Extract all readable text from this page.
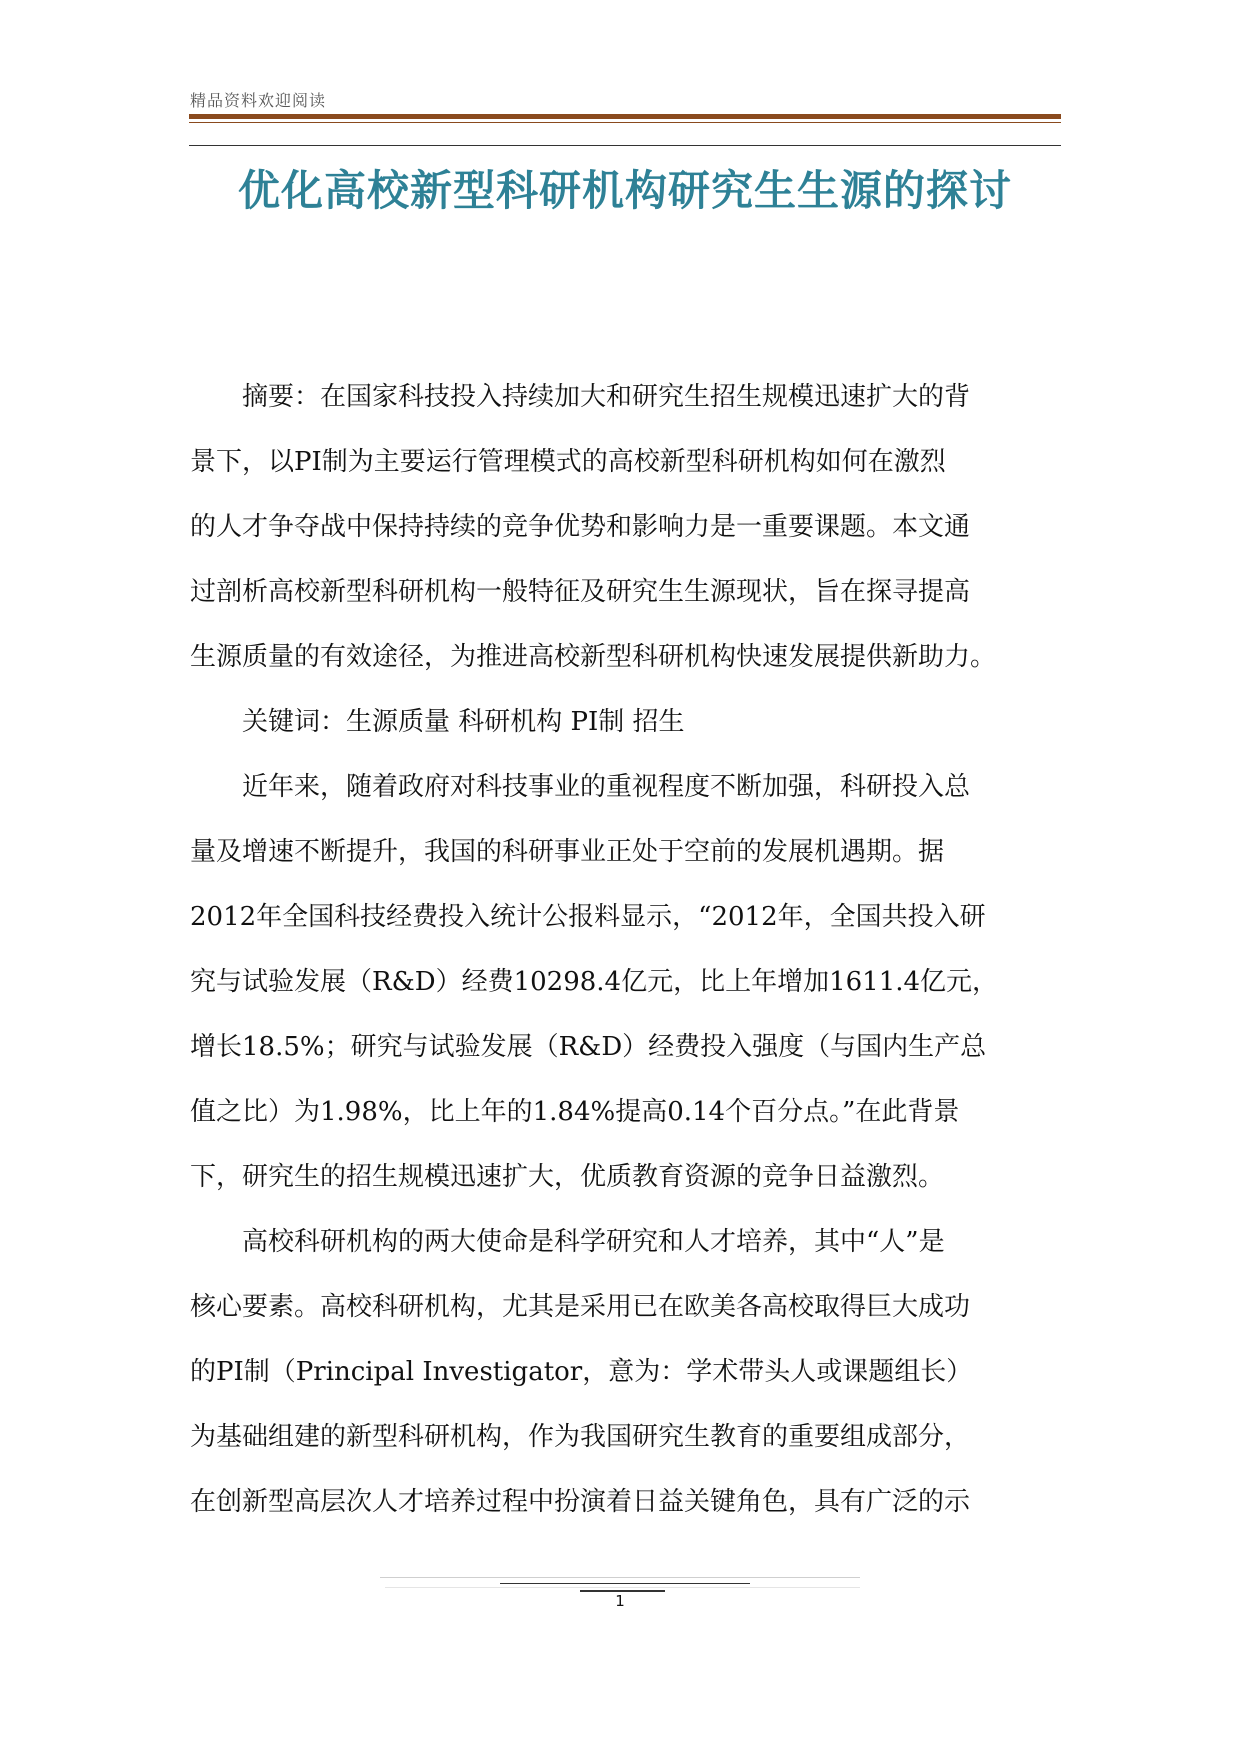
精品资料欢迎阅读
优化高校新型科研机构研究生生源的探讨
　　摘要：在国家科技投入持续加大和研究生招生规模迅速扩大的背
景下，以PI制为主要运行管理模式的高校新型科研机构如何在激烈
的人才争夺战中保持持续的竞争优势和影响力是一重要课题。本文通
过剖析高校新型科研机构一般特征及研究生生源现状，旨在探寻提高
生源质量的有效途径，为推进高校新型科研机构快速发展提供新助力。
　　关键词：生源质量 科研机构 PI制 招生
　　近年来，随着政府对科技事业的重视程度不断加强，科研投入总
量及增速不断提升，我国的科研事业正处于空前的发展机遇期。据
2012年全国科技经费投入统计公报料显示，“2012年，全国共投入研
究与试验发展（R&D）经费10298.4亿元，比上年增加1611.4亿元，
增长18.5%；研究与试验发展（R&D）经费投入强度（与国内生产总
值之比）为1.98%，比上年的1.84%提高0.14个百分点。”在此背景
下，研究生的招生规模迅速扩大，优质教育资源的竞争日益激烈。
　　高校科研机构的两大使命是科学研究和人才培养，其中“人”是
核心要素。高校科研机构，尤其是采用已在欧美各高校取得巨大成功
的PI制（Principal Investigator，意为：学术带头人或课题组长）
为基础组建的新型科研机构，作为我国研究生教育的重要组成部分，
在创新型高层次人才培养过程中扮演着日益关键角色，具有广泛的示
1
